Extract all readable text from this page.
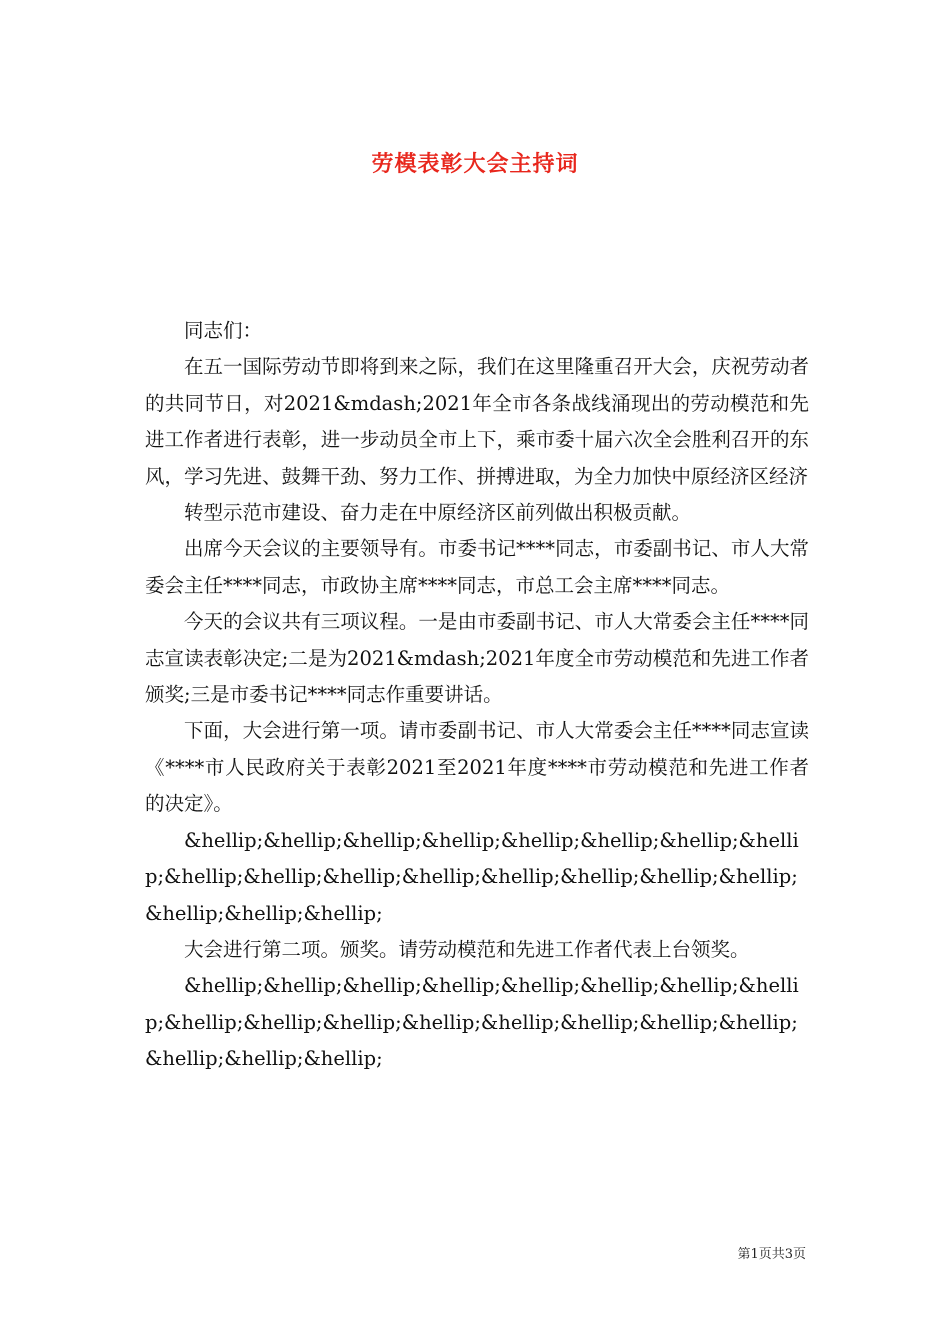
劳模表彰大会主持词

同志们：

在五一国际劳动节即将到来之际，我们在这里隆重召开大会，庆祝劳动者的共同节日，对2021&mdash;2021年全市各条战线涌现出的劳动模范和先进工作者进行表彰，进一步动员全市上下，乘市委十届六次全会胜利召开的东风，学习先进、鼓舞干劲、努力工作、拼搏进取，为全力加快中原经济区经济

转型示范市建设、奋力走在中原经济区前列做出积极贡献。

出席今天会议的主要领导有。市委书记****同志，市委副书记、市人大常委会主任****同志，市政协主席****同志，市总工会主席****同志。

今天的会议共有三项议程。一是由市委副书记、市人大常委会主任****同志宣读表彰决定;二是为2021&mdash;2021年度全市劳动模范和先进工作者颁奖;三是市委书记****同志作重要讲话。

下面，大会进行第一项。请市委副书记、市人大常委会主任****同志宣读《****市人民政府关于表彰2021至2021年度****市劳动模范和先进工作者的决定》。

&hellip;&hellip;&hellip;&hellip;&hellip;&hellip;&hellip;&hellip;&hellip;&hellip;&hellip;&hellip;&hellip;&hellip;&hellip;&hellip;&hellip;&hellip;&hellip;

大会进行第二项。颁奖。请劳动模范和先进工作者代表上台领奖。

&hellip;&hellip;&hellip;&hellip;&hellip;&hellip;&hellip;&hellip;&hellip;&hellip;&hellip;&hellip;&hellip;&hellip;&hellip;&hellip;&hellip;&hellip;&hellip;

第1页共3页
